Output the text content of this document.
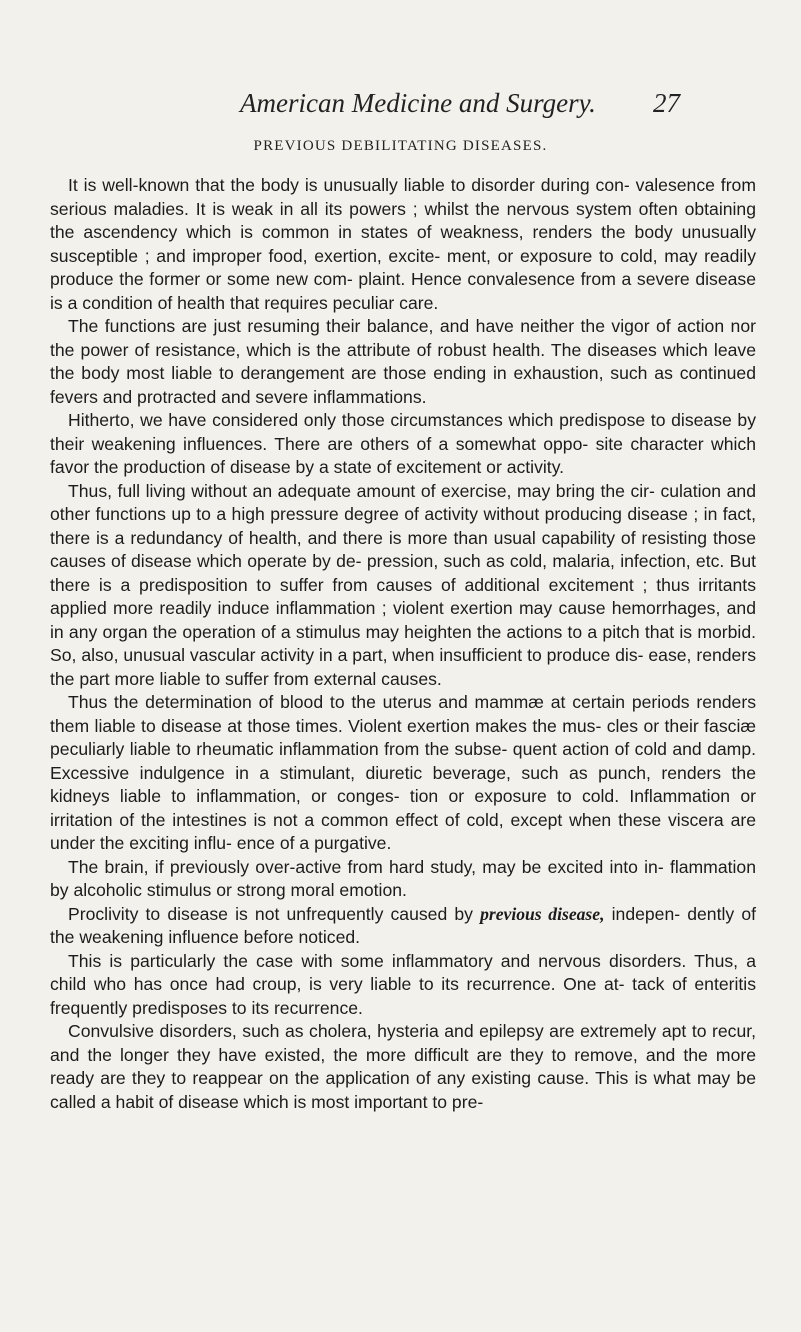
American Medicine and Surgery. 27
PREVIOUS DEBILITATING DISEASES.

It is well-known that the body is unusually liable to disorder during con- valesence from serious maladies. It is weak in all its powers ; whilst the nervous system often obtaining the ascendency which is common in states of weakness, renders the body unusually susceptible ; and improper food, exertion, excite- ment, or exposure to cold, may readily produce the former or some new com- plaint. Hence convalesence from a severe disease is a condition of health that requires peculiar care.

The functions are just resuming their balance, and have neither the vigor of action nor the power of resistance, which is the attribute of robust health. The diseases which leave the body most liable to derangement are those ending in exhaustion, such as continued fevers and protracted and severe inflammations.

Hitherto, we have considered only those circumstances which predispose to disease by their weakening influences. There are others of a somewhat oppo- site character which favor the production of disease by a state of excitement or activity.

Thus, full living without an adequate amount of exercise, may bring the cir- culation and other functions up to a high pressure degree of activity without producing disease ; in fact, there is a redundancy of health, and there is more than usual capability of resisting those causes of disease which operate by de- pression, such as cold, malaria, infection, etc. But there is a predisposition to suffer from causes of additional excitement ; thus irritants applied more readily induce inflammation ; violent exertion may cause hemorrhages, and in any organ the operation of a stimulus may heighten the actions to a pitch that is morbid. So, also, unusual vascular activity in a part, when insufficient to produce dis- ease, renders the part more liable to suffer from external causes.

Thus the determination of blood to the uterus and mammæ at certain periods renders them liable to disease at those times. Violent exertion makes the mus- cles or their fasciæ peculiarly liable to rheumatic inflammation from the subse- quent action of cold and damp. Excessive indulgence in a stimulant, diuretic beverage, such as punch, renders the kidneys liable to inflammation, or conges- tion or exposure to cold. Inflammation or irritation of the intestines is not a common effect of cold, except when these viscera are under the exciting influ- ence of a purgative.

The brain, if previously over-active from hard study, may be excited into in- flammation by alcoholic stimulus or strong moral emotion.

Proclivity to disease is not unfrequently caused by previous disease, indepen- dently of the weakening influence before noticed.

This is particularly the case with some inflammatory and nervous disorders. Thus, a child who has once had croup, is very liable to its recurrence. One at- tack of enteritis frequently predisposes to its recurrence.

Convulsive disorders, such as cholera, hysteria and epilepsy are extremely apt to recur, and the longer they have existed, the more difficult are they to remove, and the more ready are they to reappear on the application of any existing cause. This is what may be called a habit of disease which is most important to pre-
